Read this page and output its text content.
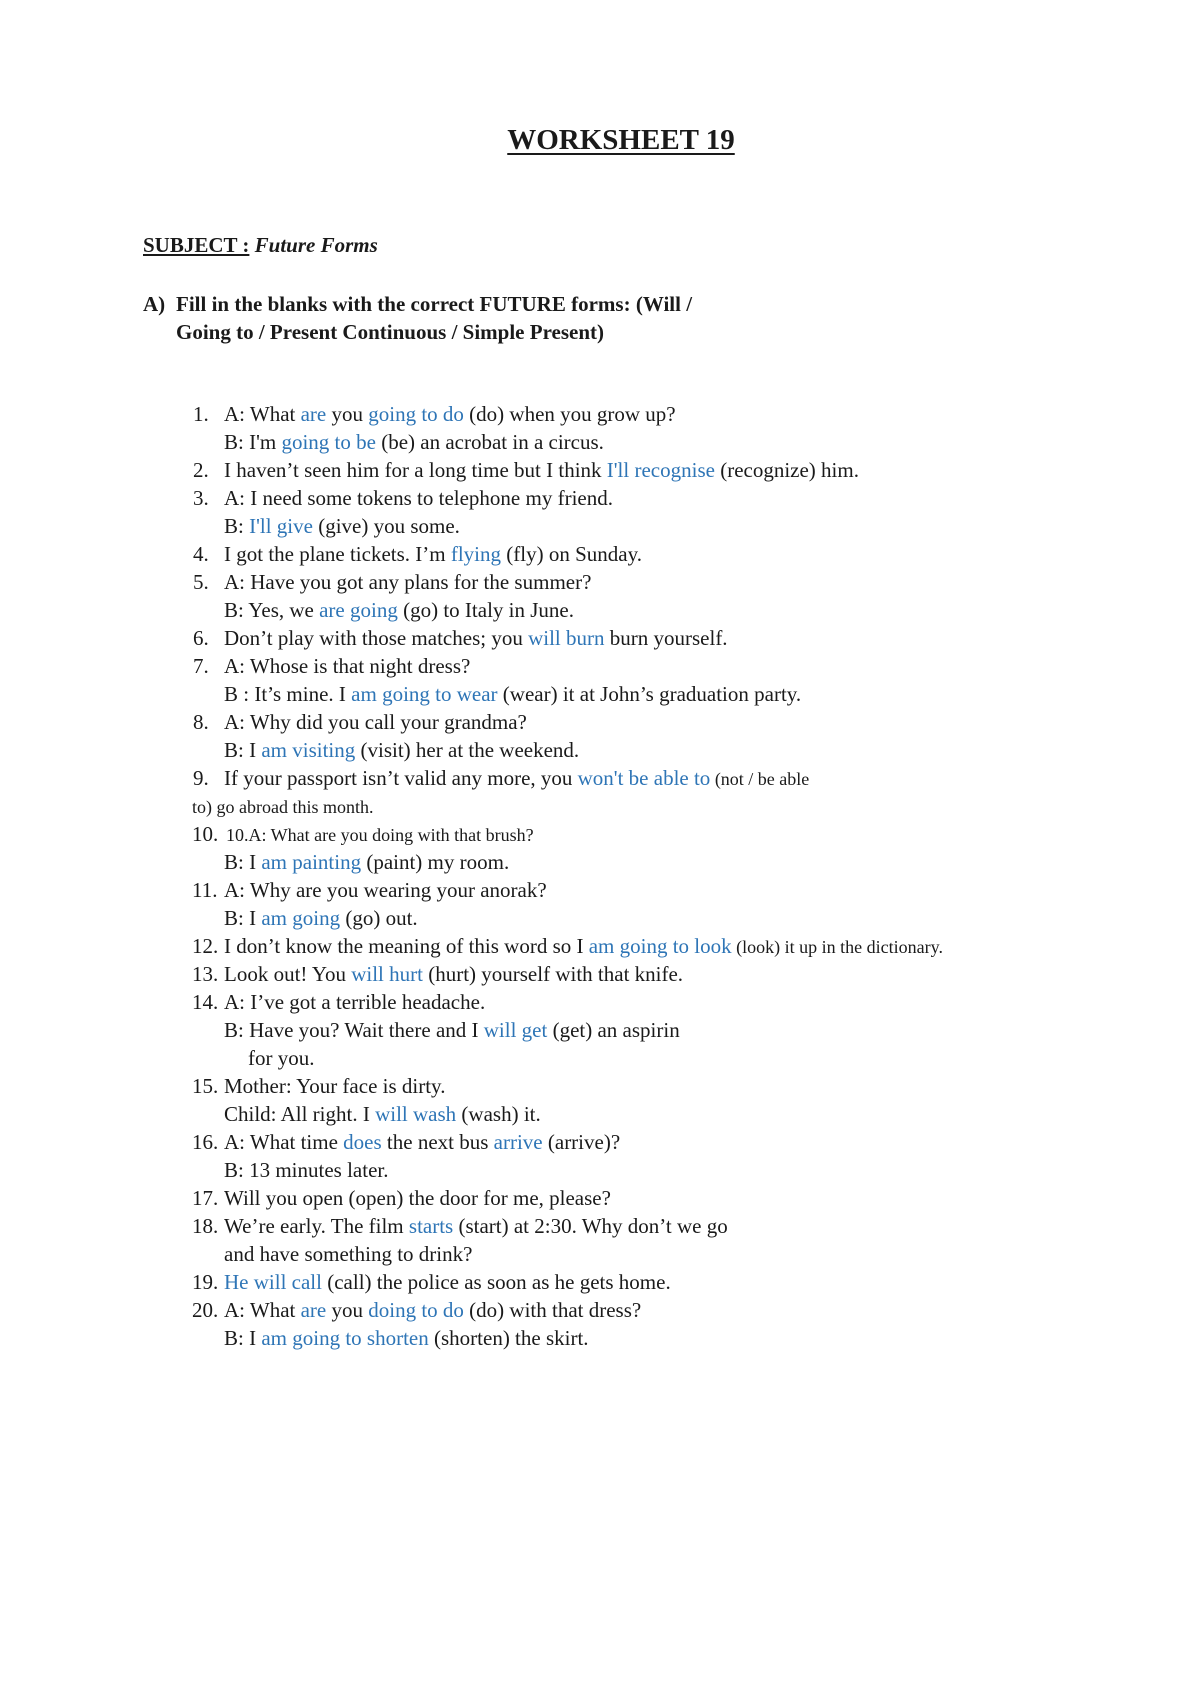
WORKSHEET 19
SUBJECT : Future Forms
A) Fill in the blanks with the correct FUTURE forms: (Will / Going to / Present Continuous / Simple Present)
1. A: What are you going to do (do) when you grow up?
B: I'm going to be (be) an acrobat in a circus.
2. I haven’t seen him for a long time but I think I'll recognise (recognize) him.
3. A: I need some tokens to telephone my friend.
B: I'll give (give) you some.
4. I got the plane tickets. I’m flying (fly) on Sunday.
5. A: Have you got any plans for the summer?
B: Yes, we are going (go) to Italy in June.
6. Don’t play with those matches; you will burn burn yourself.
7. A: Whose is that night dress?
B : It’s mine. I am going to wear (wear) it at John’s graduation party.
8. A: Why did you call your grandma?
B: I am visiting (visit) her at the weekend.
9. If your passport isn’t valid any more, you won't be able to (not / be able
to) go abroad this month.
10. 10.A: What are you doing with that brush?
B: I am painting (paint) my room.
11. A: Why are you wearing your anorak?
B: I am going (go) out.
12. I don’t know the meaning of this word so I am going to look (look) it up in the dictionary.
13. Look out! You will hurt (hurt) yourself with that knife.
14. A: I’ve got a terrible headache.
B: Have you? Wait there and I will get (get) an aspirin
for you.
15. Mother: Your face is dirty.
Child: All right. I will wash (wash) it.
16. A: What time does the next bus arrive (arrive)?
B: 13 minutes later.
17. Will you open (open) the door for me, please?
18. We’re early. The film starts (start) at 2:30. Why don’t we go
and have something to drink?
19. He will call (call) the police as soon as he gets home.
20. A: What are you doing to do (do) with that dress?
B: I am going to shorten (shorten) the skirt.
